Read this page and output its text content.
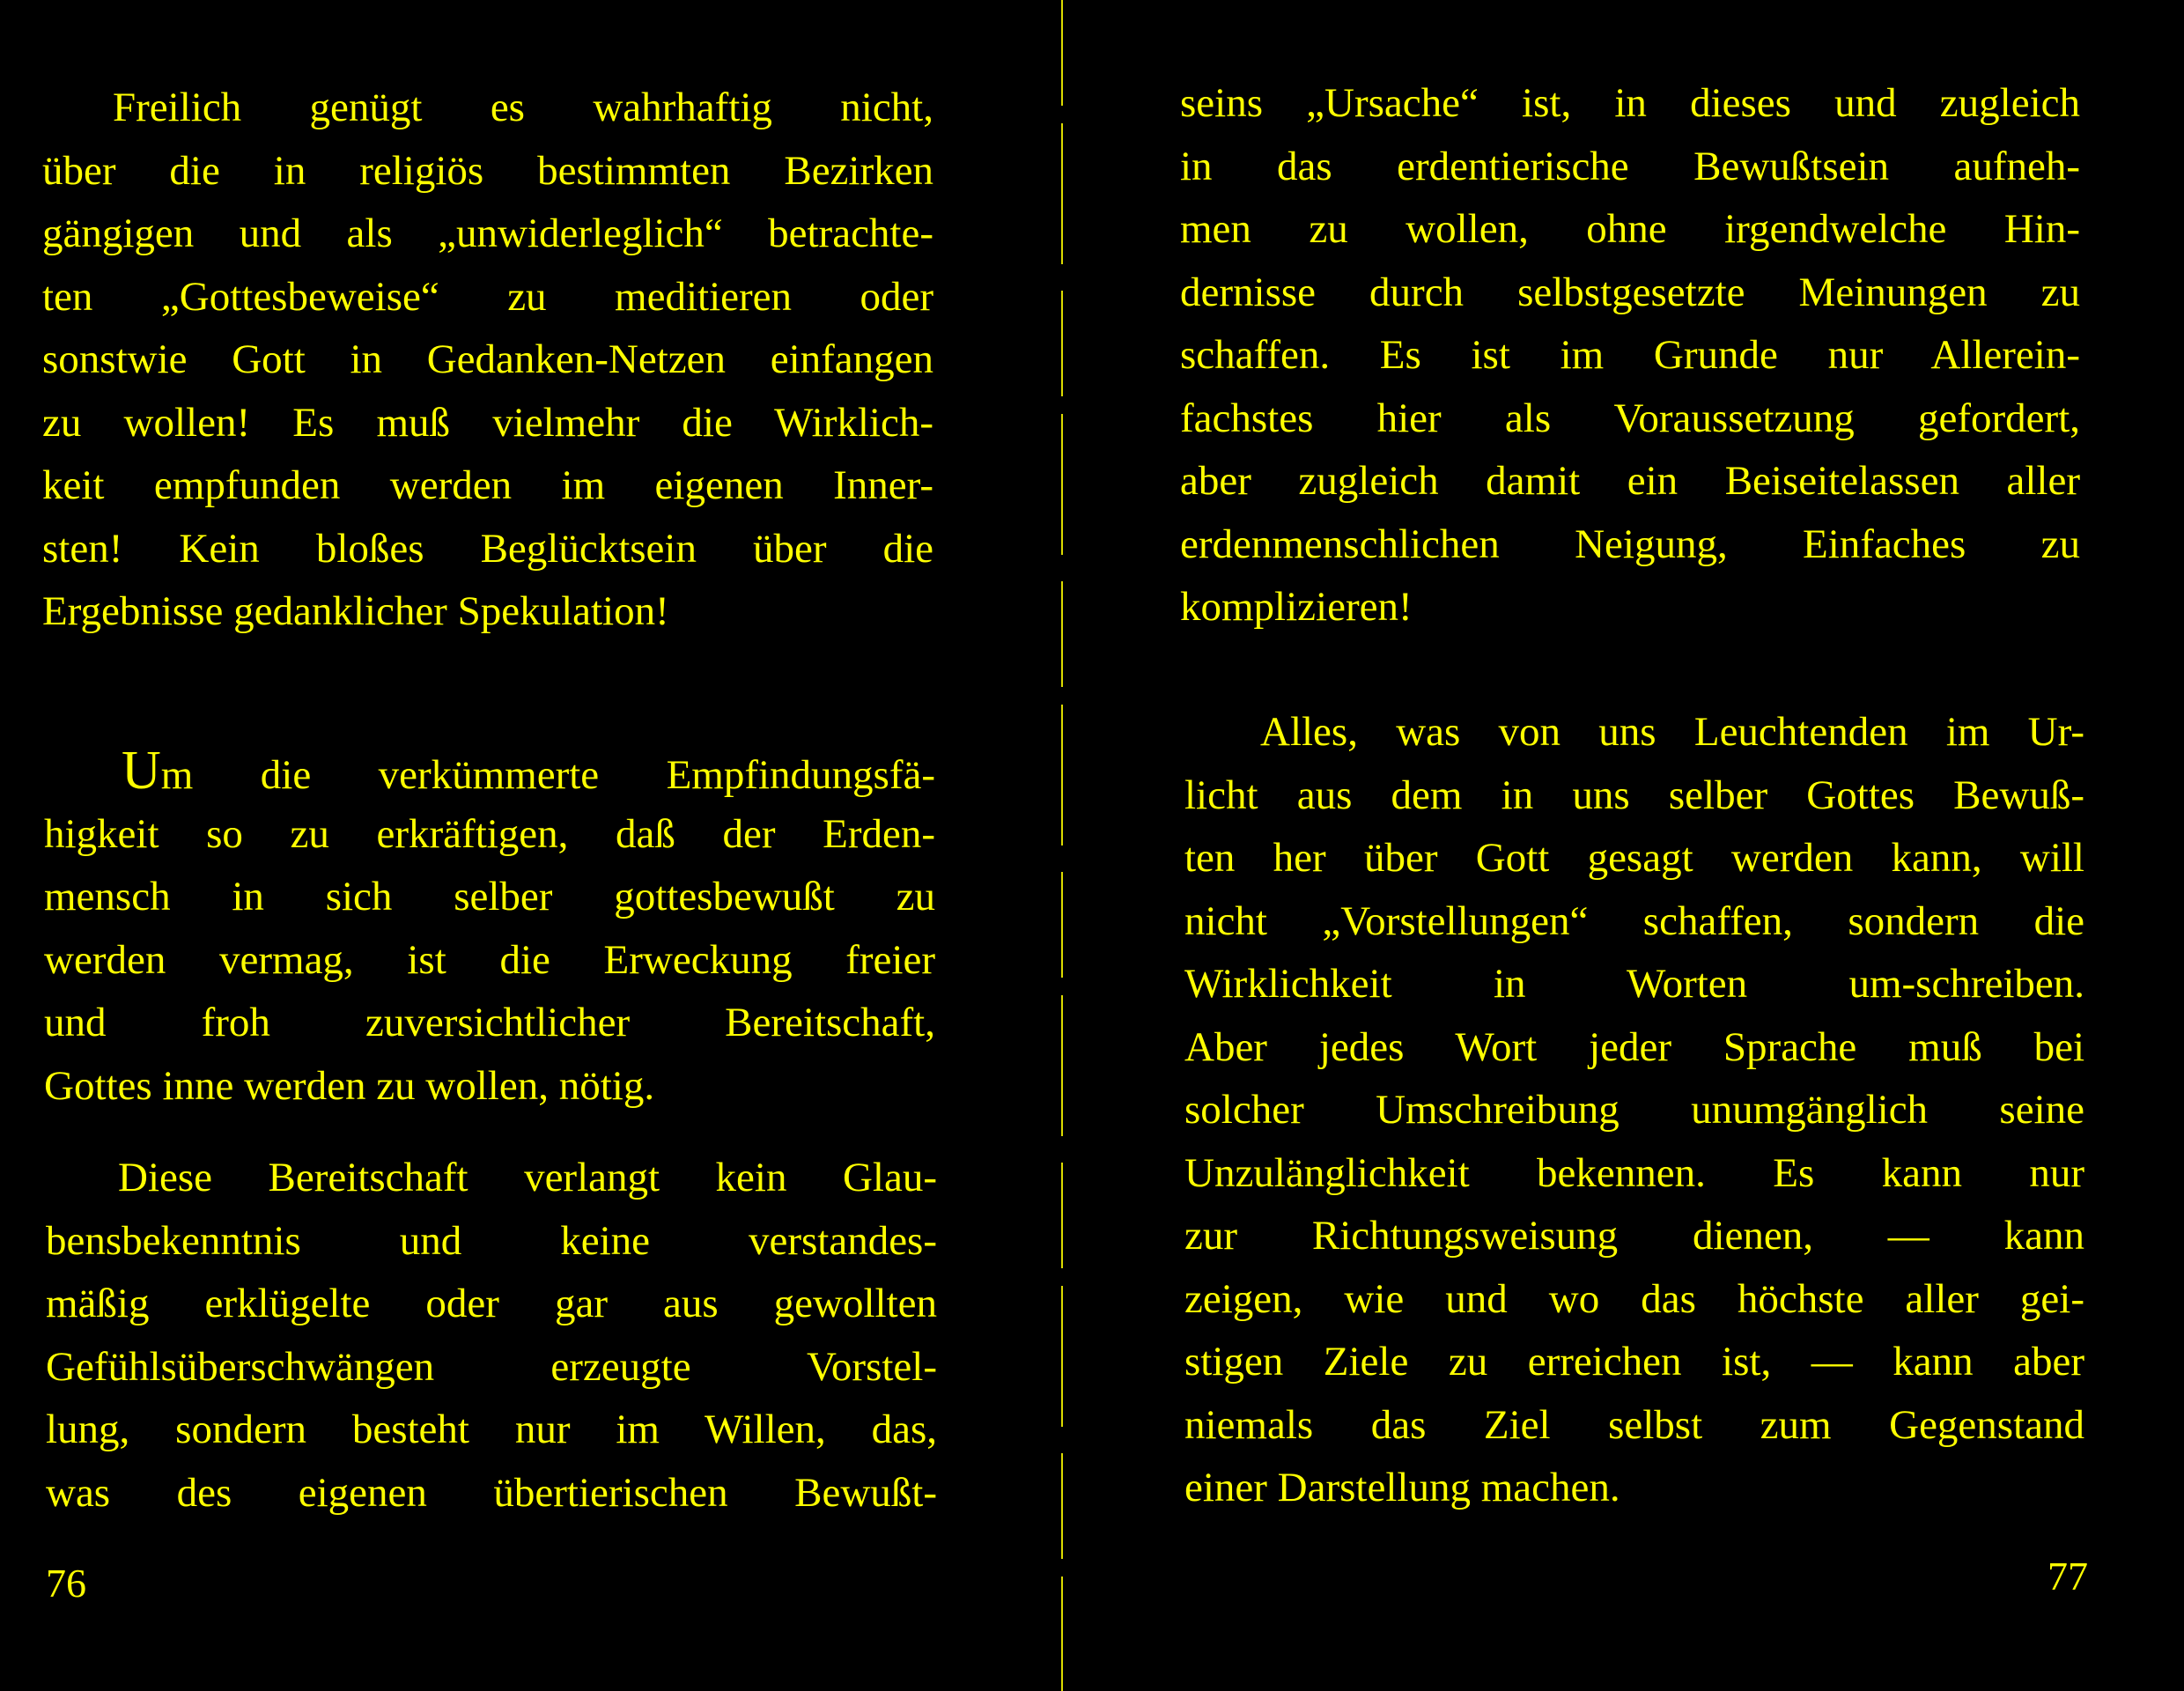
Freilich genügt es wahrhaftig nicht,
über die in religiös bestimmten Bezirken
gängigen und als „unwiderleglich“ betrachte-
ten „Gottesbeweise“ zu meditieren oder
sonstwie Gott in Gedanken-Netzen einfangen
zu wollen! Es muß vielmehr die Wirklich-
keit empfunden werden im eigenen Inner-
sten! Kein bloßes Beglücktsein über die
Ergebnisse gedanklicher Spekulation!
Um die verkümmerte Empfindungsfä-
higkeit so zu erkräftigen, daß der Erden-
mensch in sich selber gottesbewußt zu
werden vermag, ist die Erweckung freier
und froh zuversichtlicher Bereitschaft,
Gottes inne werden zu wollen, nötig.
Diese Bereitschaft verlangt kein Glau-
bensbekenntnis und keine verstandes-
mäßig erklügelte oder gar aus gewollten
Gefühlsüberschwängen erzeugte Vorstel-
lung, sondern besteht nur im Willen, das,
was des eigenen übertierischen Bewußt-
76
seins „Ursache“ ist, in dieses und zugleich
in das erdentierische Bewußtsein aufneh-
men zu wollen, ohne irgendwelche Hin-
dernisse durch selbstgesetzte Meinungen zu
schaffen. Es ist im Grunde nur Allerein-
fachstes hier als Voraussetzung gefordert,
aber zugleich damit ein Beiseitelassen aller
erdenmenschlichen Neigung, Einfaches zu
komplizieren!
Alles, was von uns Leuchtenden im Ur-
licht aus dem in uns selber Gottes Bewuß-
ten her über Gott gesagt werden kann, will
nicht „Vorstellungen“ schaffen, sondern die
Wirklichkeit in Worten um-schreiben.
Aber jedes Wort jeder Sprache muß bei
solcher Umschreibung unumgänglich seine
Unzulänglichkeit bekennen. Es kann nur
zur Richtungsweisung dienen, — kann
zeigen, wie und wo das höchste aller gei-
stigen Ziele zu erreichen ist, — kann aber
niemals das Ziel selbst zum Gegenstand
einer Darstellung machen.
77
